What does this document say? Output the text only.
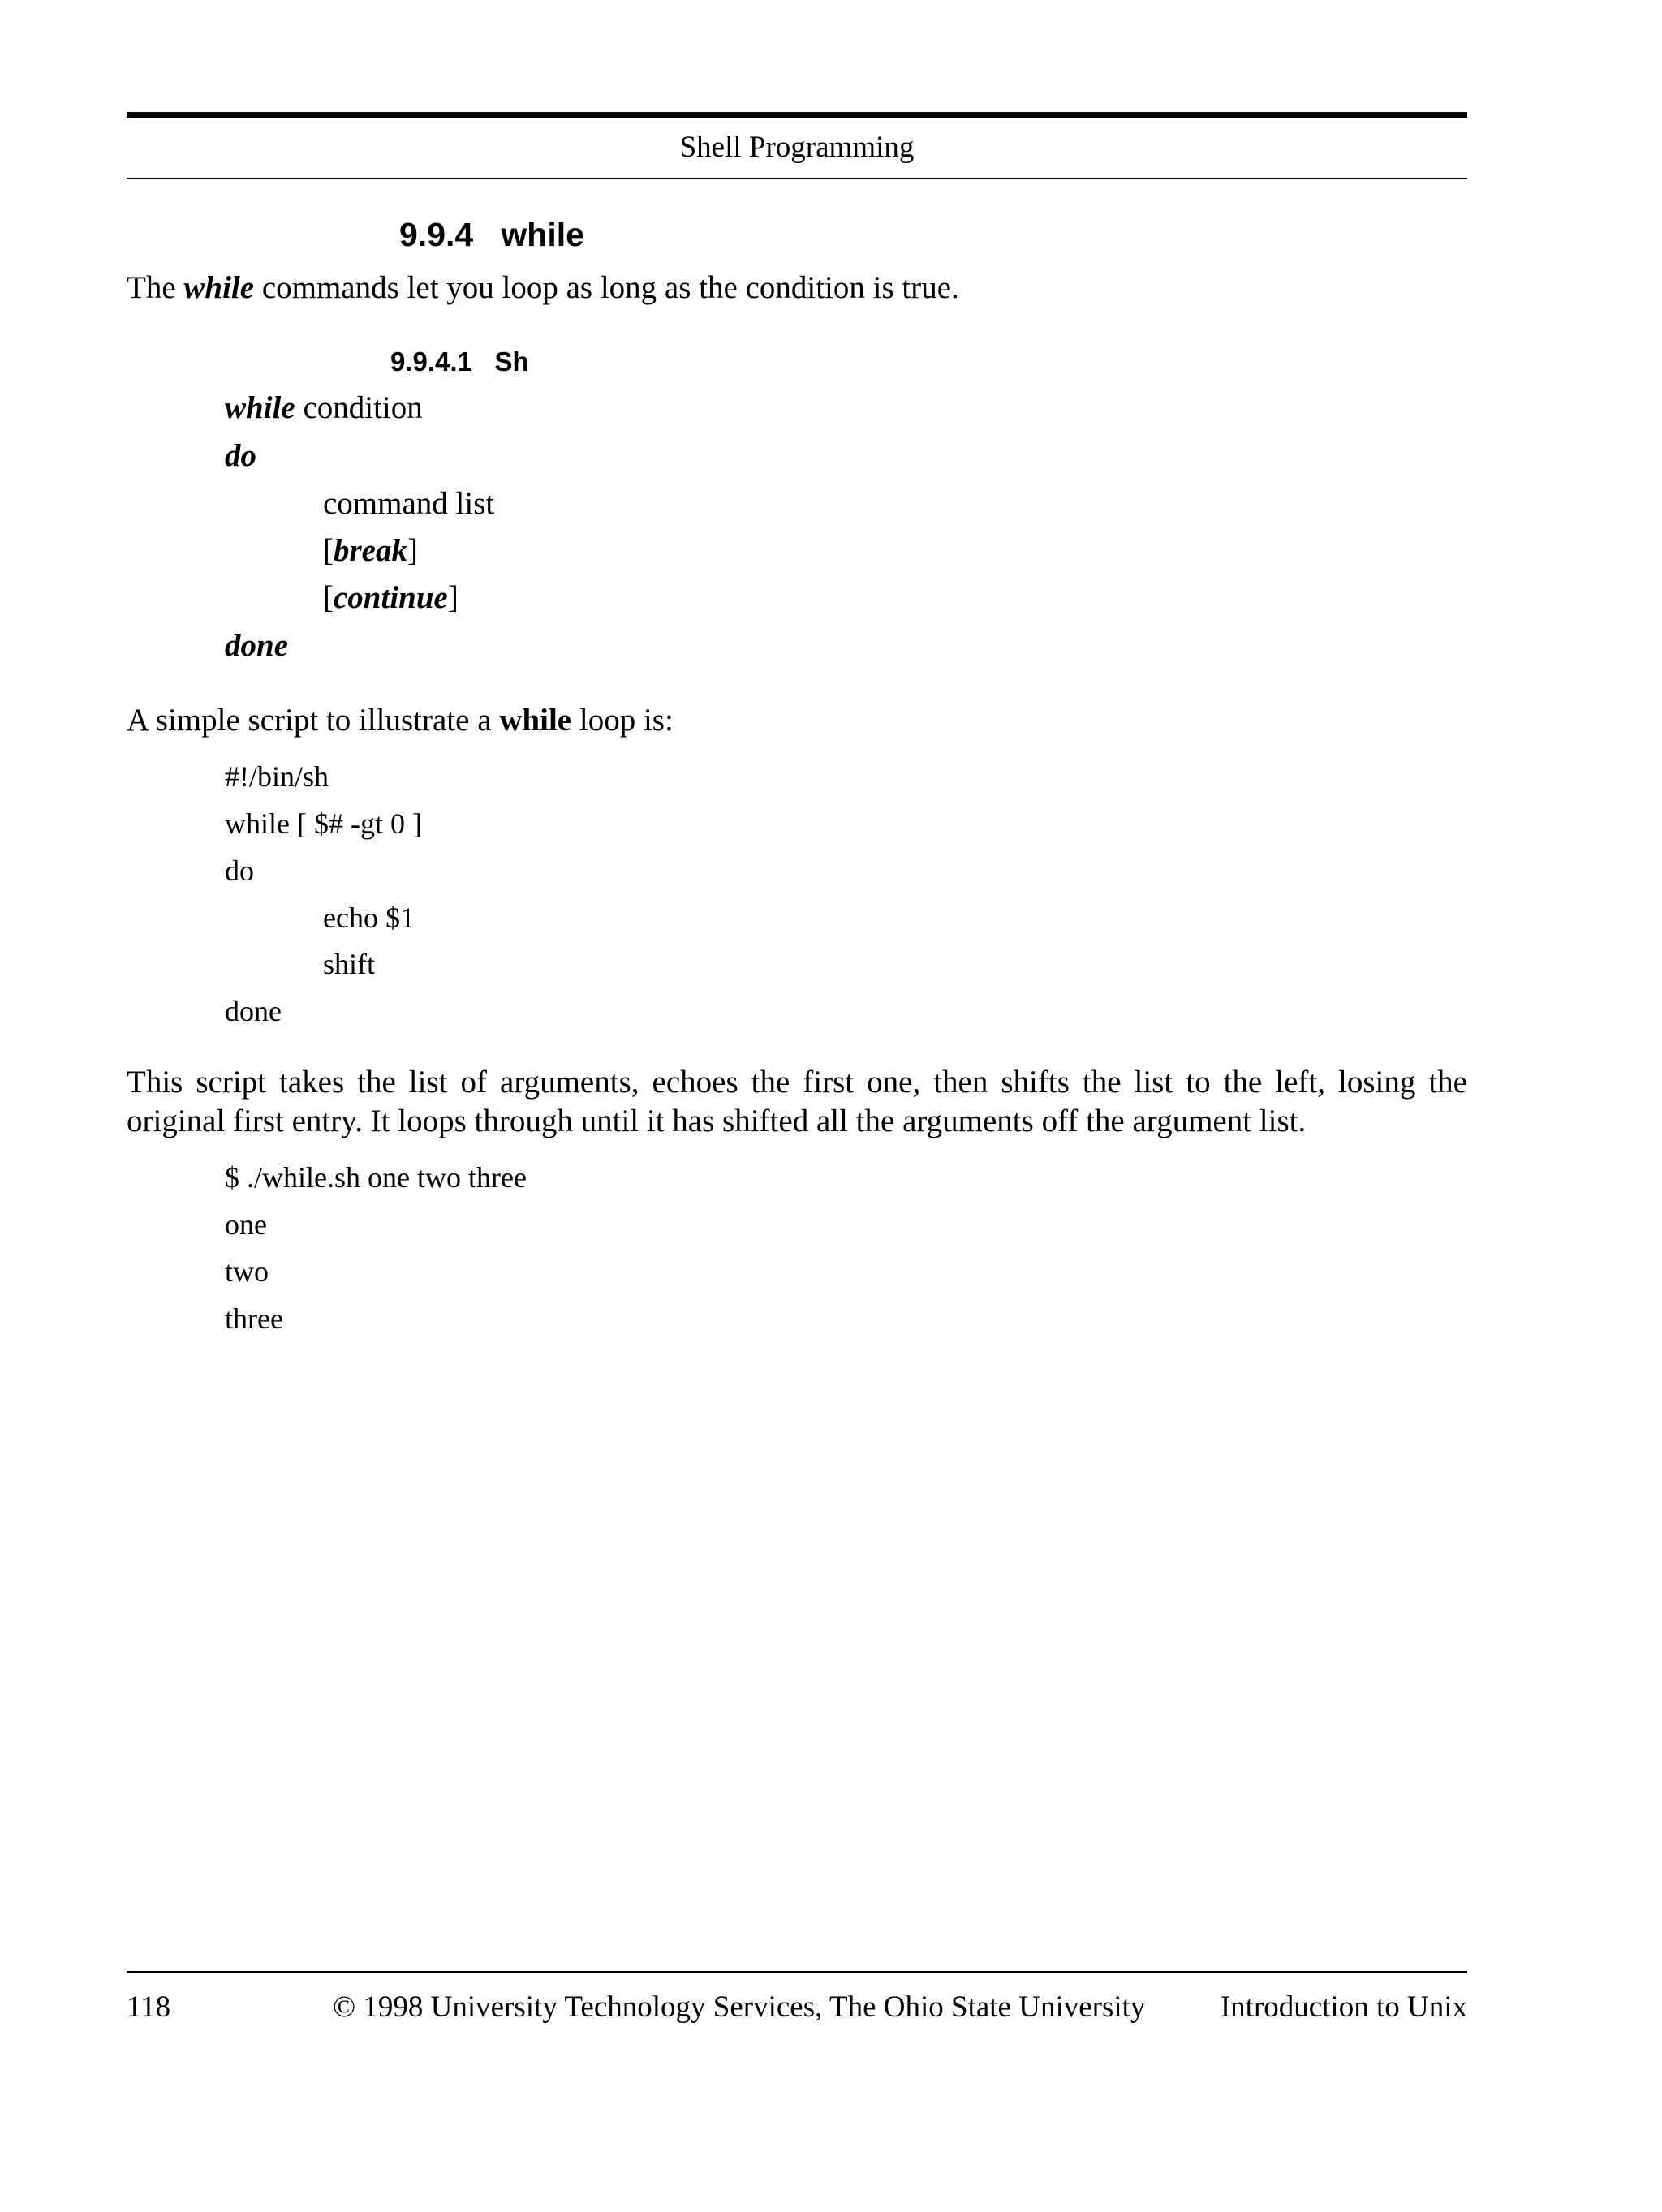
Shell Programming
9.9.4 while
The while commands let you loop as long as the condition is true.
9.9.4.1 Sh
while condition
do
command list
[break]
[continue]
done
A simple script to illustrate a while loop is:
#!/bin/sh
while [ $# -gt 0 ]
do
echo $1
shift
done
This script takes the list of arguments, echoes the first one, then shifts the list to the left, losing the original first entry. It loops through until it has shifted all the arguments off the argument list.
$ ./while.sh one two three
one
two
three
118	© 1998 University Technology Services, The Ohio State University Introduction to Unix
